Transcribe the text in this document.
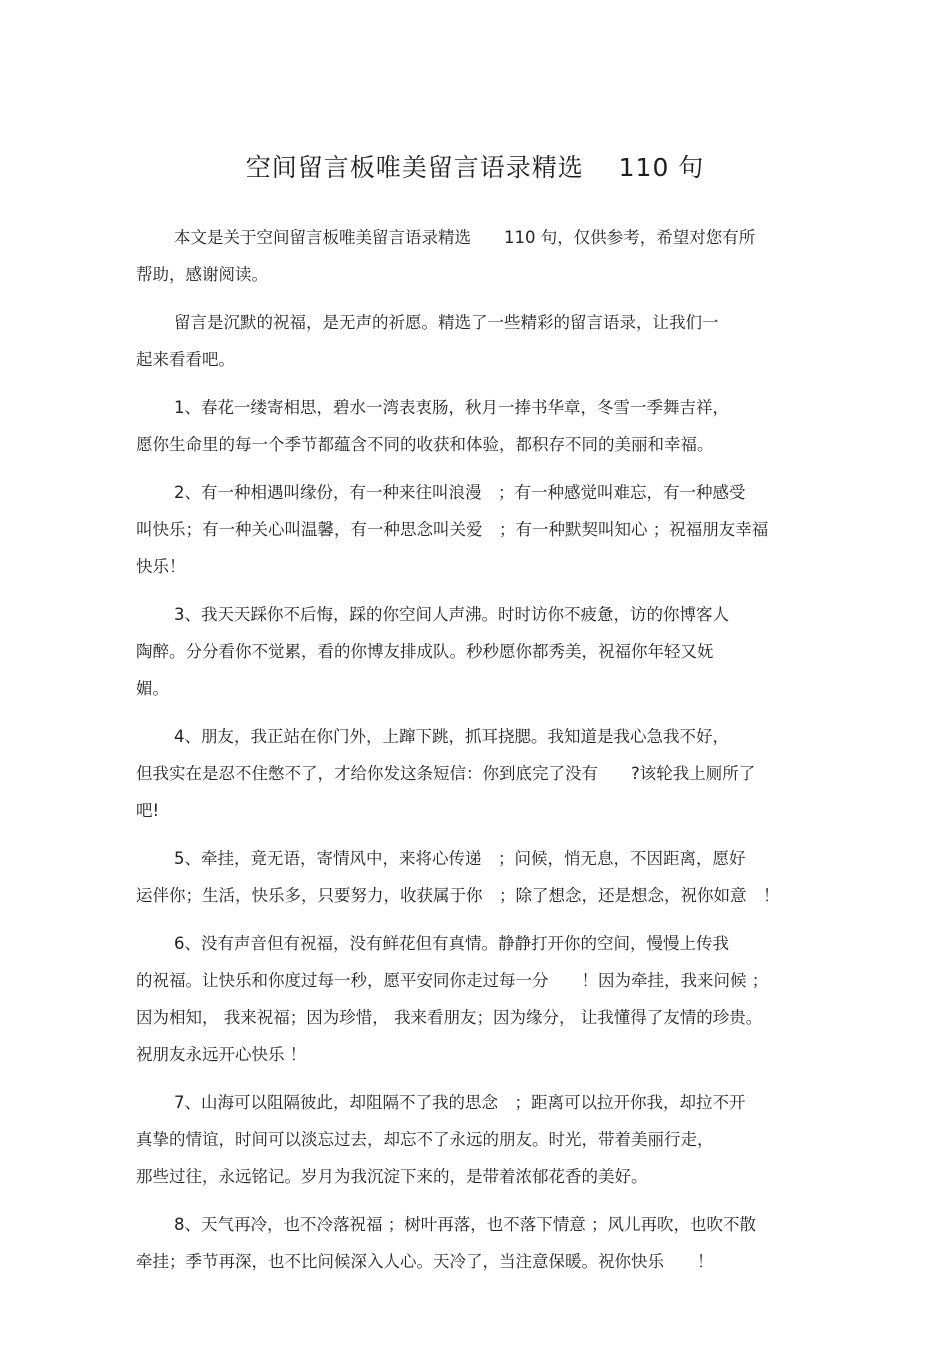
空间留言板唯美留言语录精选　 110 句
本文是关于空间留言板唯美留言语录精选　　110 句，仅供参考，希望对您有所
帮助，感谢阅读。
留言是沉默的祝福，是无声的祈愿。精选了一些精彩的留言语录，让我们一
起来看看吧。
1、春花一缕寄相思，碧水一湾表衷肠，秋月一捧书华章，冬雪一季舞吉祥，
愿你生命里的每一个季节都蕴含不同的收获和体验，都积存不同的美丽和幸福。
2、有一种相遇叫缘份，有一种来往叫浪漫　；有一种感觉叫难忘，有一种感受
叫快乐；有一种关心叫温馨，有一种思念叫关爱　；有一种默契叫知心 ；祝福朋友幸福
快乐！
3、我天天踩你不后悔，踩的你空间人声沸。时时访你不疲惫，访的你博客人
陶醉。分分看你不觉累，看的你博友排成队。秒秒愿你都秀美，祝福你年轻又妩
媚。
4、朋友，我正站在你门外，上蹿下跳，抓耳挠腮。我知道是我心急我不好，
但我实在是忍不住憋不了，才给你发这条短信：你到底完了没有　　?该轮我上厕所了
吧!
5、牵挂，竟无语，寄情风中，来将心传递　；问候，悄无息，不因距离，愿好
运伴你；生活，快乐多，只要努力，收获属于你　；除了想念，还是想念，祝你如意　！
6、没有声音但有祝福，没有鲜花但有真情。静静打开你的空间，慢慢上传我
的祝福。让快乐和你度过每一秒，愿平安同你走过每一分　　！因为牵挂，我来问候 ；
因为相知， 我来祝福；因为珍惜， 我来看朋友；因为缘分， 让我懂得了友情的珍贵。
祝朋友永远开心快乐 ！
7、山海可以阻隔彼此，却阻隔不了我的思念　；距离可以拉开你我，却拉不开
真挚的情谊，时间可以淡忘过去，却忘不了永远的朋友。时光，带着美丽行走，
那些过往，永远铭记。岁月为我沉淀下来的，是带着浓郁花香的美好。
8、天气再冷，也不冷落祝福 ；树叶再落，也不落下情意 ；风儿再吹，也吹不散
牵挂；季节再深，也不比问候深入人心。天冷了，当注意保暖。祝你快乐　　！
